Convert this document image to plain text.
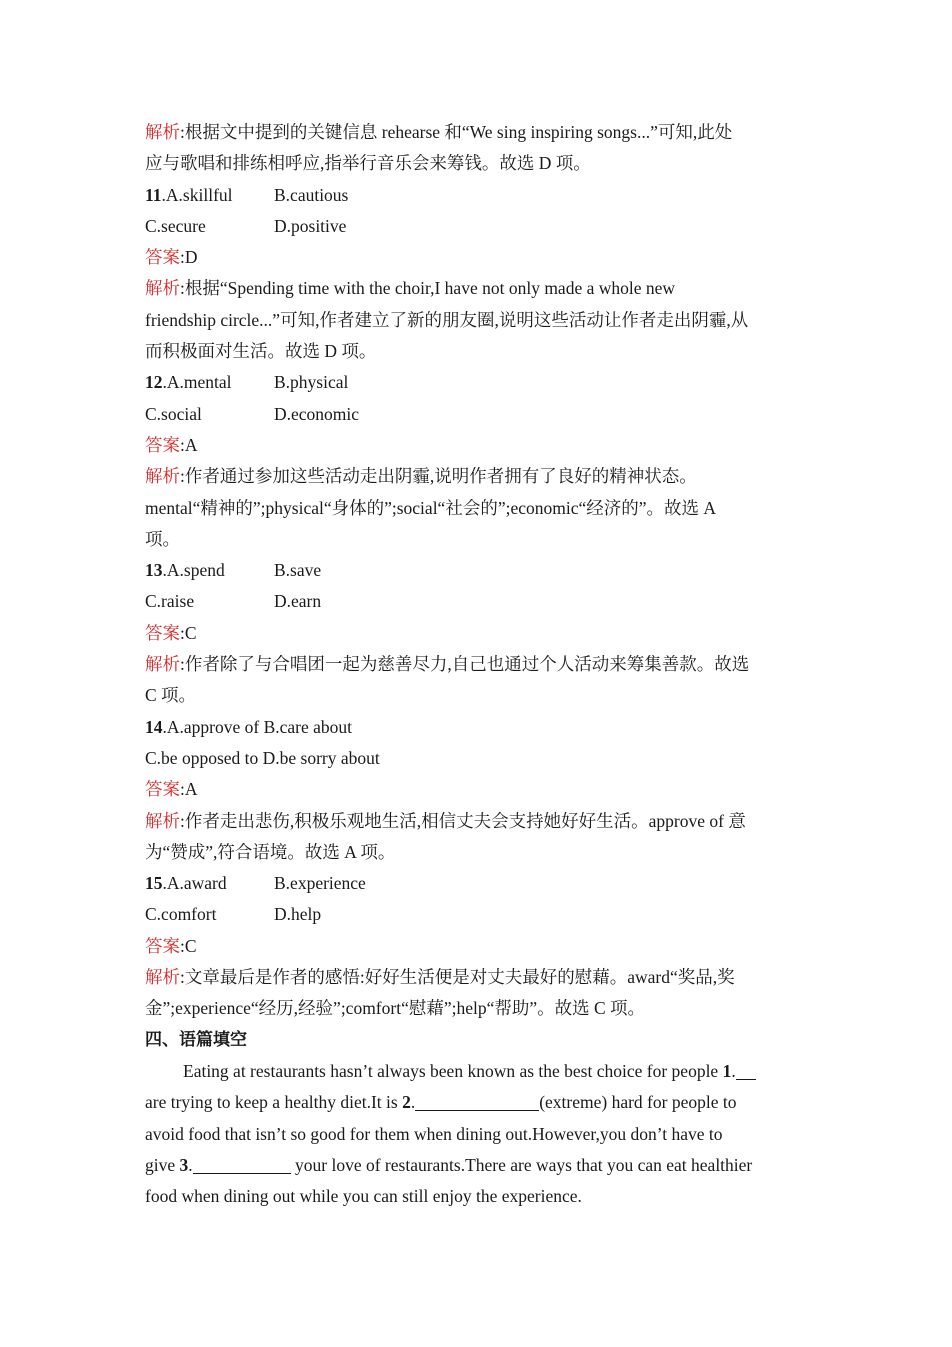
解析:根据文中提到的关键信息 rehearse 和“We sing inspiring songs...”可知,此处
应与歌唱和排练相呼应,指举行音乐会来筹钱。故选 D 项。
11.A.skillful B.cautious
C.secure	D.positive
答案:D
解析:根据“Spending time with the choir,I have not only made a whole new
friendship circle...”可知,作者建立了新的朋友圈,说明这些活动让作者走出阴霾,从
而积极面对生活。故选 D 项。
12.A.mental B.physical
C.social	D.economic
答案:A
解析:作者通过参加这些活动走出阴霾,说明作者拥有了良好的精神状态。
mental“精神的”;physical“身体的”;social“社会的”;economic“经济的”。故选 A
项。
13.A.spend	B.save
C.raise	D.earn
答案:C
解析:作者除了与合唱团一起为慈善尽力,自己也通过个人活动来筹集善款。故选
C 项。
14.A.approve of B.care about
C.be opposed to D.be sorry about
答案:A
解析:作者走出悲伤,积极乐观地生活,相信丈夫会支持她好好生活。approve of 意
为“赞成”,符合语境。故选 A 项。
15.A.award	B.experience
C.comfort	D.help
答案:C
解析:文章最后是作者的感悟:好好生活便是对丈夫最好的慰藉。award“奖品,奖
金”;experience“经历,经验”;comfort“慰藉”;help“帮助”。故选 C 项。
四、语篇填空
Eating at restaurants hasn’t always been known as the best choice for people 1.
are trying to keep a healthy diet.It is 2.	(extreme) hard for people to
avoid food that isn’t so good for them when dining out.However,you don’t have to
give 3.	your love of restaurants.There are ways that you can eat healthier
food when dining out while you can still enjoy the experience.
